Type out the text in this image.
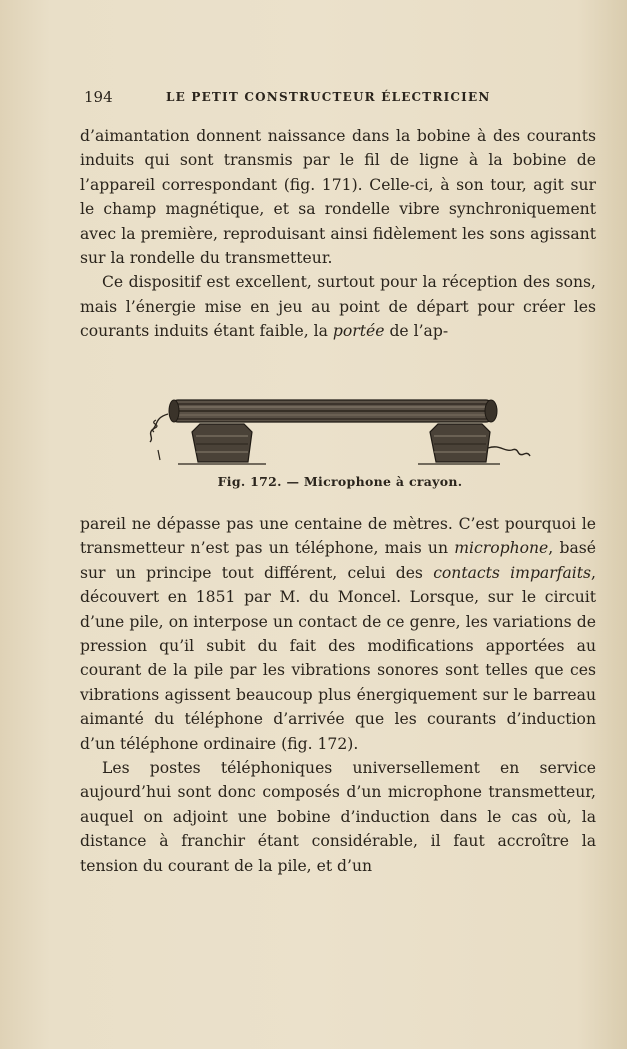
194	LE PETIT CONSTRUCTEUR ÉLECTRICIEN

d’aimantation donnent naissance dans la bobine à des courants induits qui sont transmis par le fil de ligne à la bobine de l’appareil correspondant (fig. 171). Celle-ci, à son tour, agit sur le champ magnétique, et sa rondelle vibre synchroniquement avec la première, reproduisant ainsi fidèlement les sons agissant sur la rondelle du transmetteur.

Ce dispositif est excellent, surtout pour la réception des sons, mais l’énergie mise en jeu au point de départ pour créer les courants induits étant faible, la portée de l’ap-

Fig. 172. — Microphone à crayon.

pareil ne dépasse pas une centaine de mètres. C’est pourquoi le transmetteur n’est pas un téléphone, mais un microphone, basé sur un principe tout différent, celui des contacts imparfaits, découvert en 1851 par M. du Moncel. Lorsque, sur le circuit d’une pile, on interpose un contact de ce genre, les variations de pression qu’il subit du fait des modifications apportées au courant de la pile par les vibrations sonores sont telles que ces vibrations agissent beaucoup plus énergiquement sur le barreau aimanté du téléphone d’arrivée que les courants d’induction d’un téléphone ordinaire (fig. 172).

Les postes téléphoniques universellement en service aujourd’hui sont donc composés d’un microphone transmetteur, auquel on adjoint une bobine d’induction dans le cas où, la distance à franchir étant considérable, il faut accroître la tension du courant de la pile, et d’un
